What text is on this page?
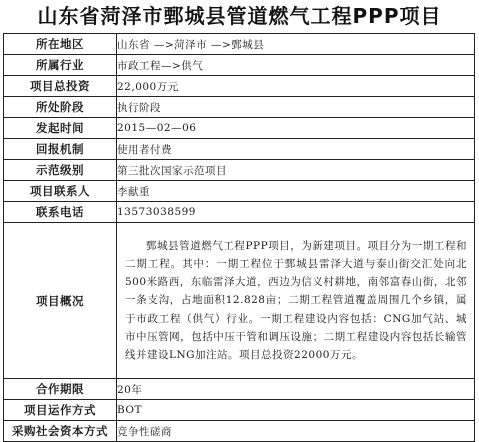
山东省菏泽市鄄城县管道燃气工程PPP项目
所在地区	山东省 —>菏泽市 —>鄄城县
所属行业	市政工程—>供气
项目总投资	22,000万元
所处阶段	执行阶段
发起时间	2015—02—06
回报机制	使用者付费
示范级别	第三批次国家示范项目
项目联系人	李献重
联系电话	13573038599
项目概况	鄄城县管道燃气工程PPP项目，为新建项目。项目分为一期工程和二期工程。其中：一期工程位于鄄城县雷泽大道与泰山街交汇处向北500米路西，东临雷泽大道，西边为信义村耕地，南邻富春山街，北邻一条支沟，占地面积12.828亩；二期工程管道覆盖周围几个乡镇，属于市政工程（供气）行业。一期工程建设内容包括：CNG加气站、城市中压管网，包括中压干管和调压设施；二期工程建设内容包括长输管线并建设LNG加注站。项目总投资22000万元。
合作期限	20年
项目运作方式	BOT
采购社会资本方式	竞争性磋商
